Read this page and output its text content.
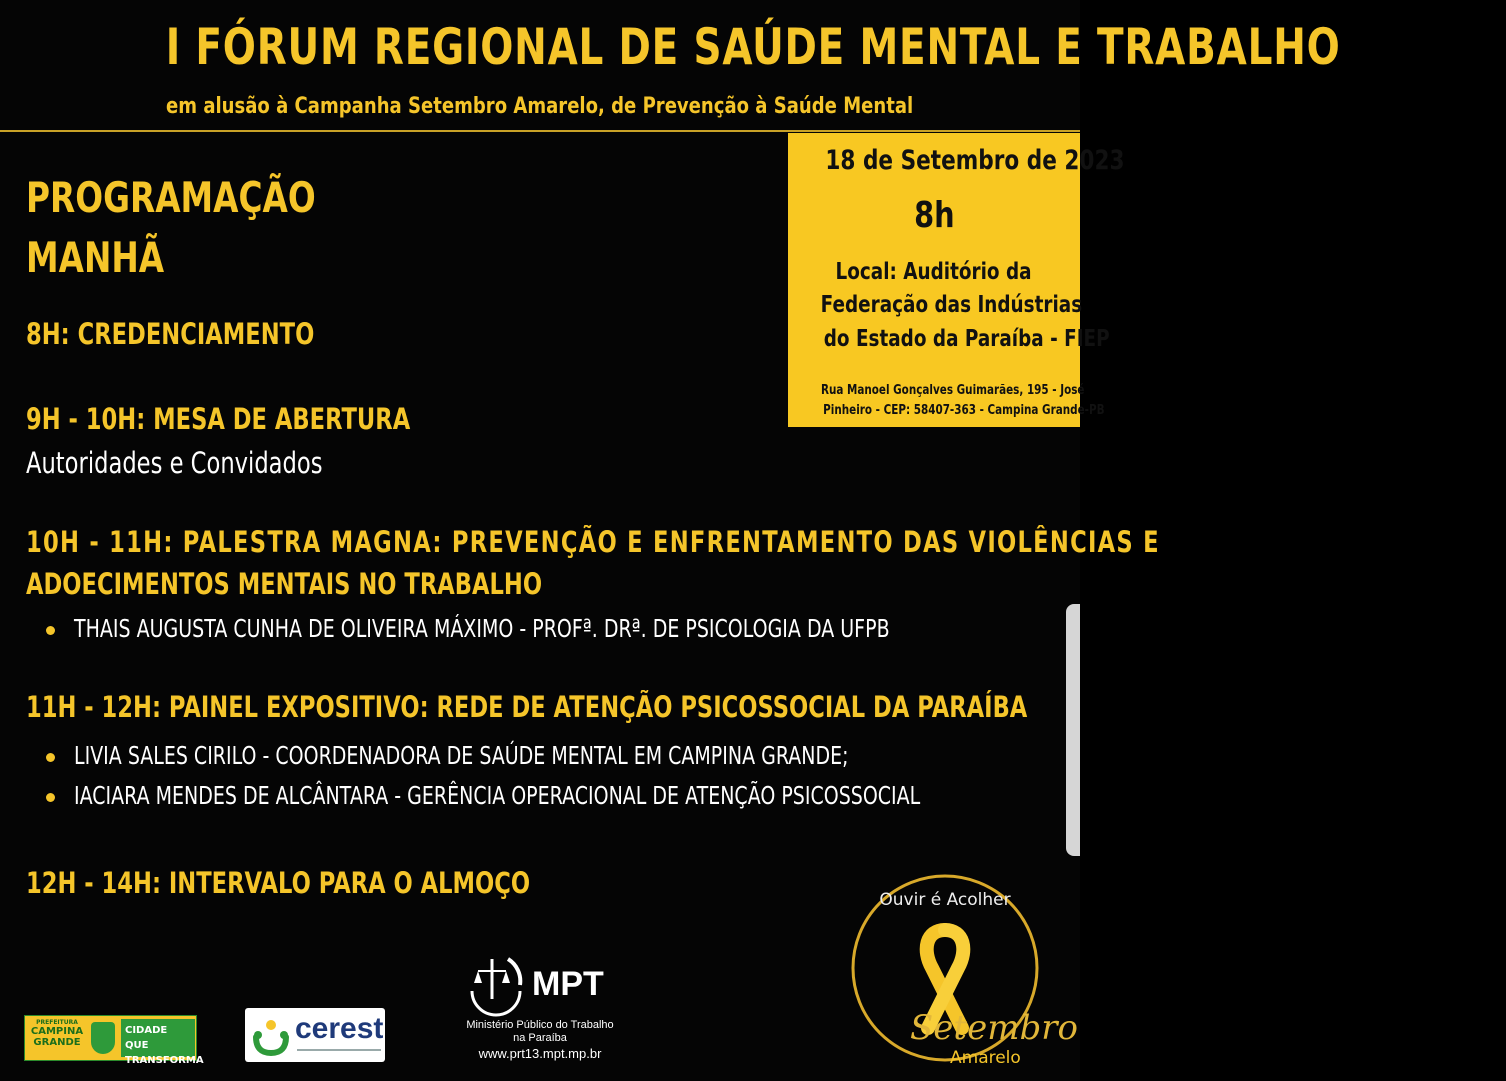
I FÓRUM REGIONAL DE SAÚDE MENTAL E TRABALHO
em alusão à Campanha Setembro Amarelo, de Prevenção à Saúde Mental
18 de Setembro de 2023
8h
Local: Auditório da
Federação das Indústrias
do Estado da Paraíba - FIEP
Rua Manoel Gonçalves Guimarães, 195 - José
Pinheiro - CEP: 58407-363 - Campina Grande-PB
PROGRAMAÇÃO
MANHÃ
8H: CREDENCIAMENTO
9H - 10H: MESA DE ABERTURA
Autoridades e Convidados
10H - 11H: PALESTRA MAGNA: PREVENÇÃO E ENFRENTAMENTO DAS VIOLÊNCIAS E
ADOECIMENTOS MENTAIS NO TRABALHO
THAIS AUGUSTA CUNHA DE OLIVEIRA MÁXIMO - PROFª. DRª. DE PSICOLOGIA DA UFPB
11H - 12H: PAINEL EXPOSITIVO: REDE DE ATENÇÃO PSICOSSOCIAL DA PARAÍBA
LIVIA SALES CIRILO - COORDENADORA DE SAÚDE MENTAL EM CAMPINA GRANDE;
IACIARA MENDES DE ALCÂNTARA - GERÊNCIA OPERACIONAL DE ATENÇÃO PSICOSSOCIAL
12H - 14H: INTERVALO PARA O ALMOÇO
PREFEITURA
CAMPINA
GRANDE
CIDADE QUE
TRANSFORMA
cerest
MPT
Ministério Público do Trabalho
na Paraíba
www.prt13.mpt.mp.br
Ouvir é Acolher
Setembro
Amarelo
